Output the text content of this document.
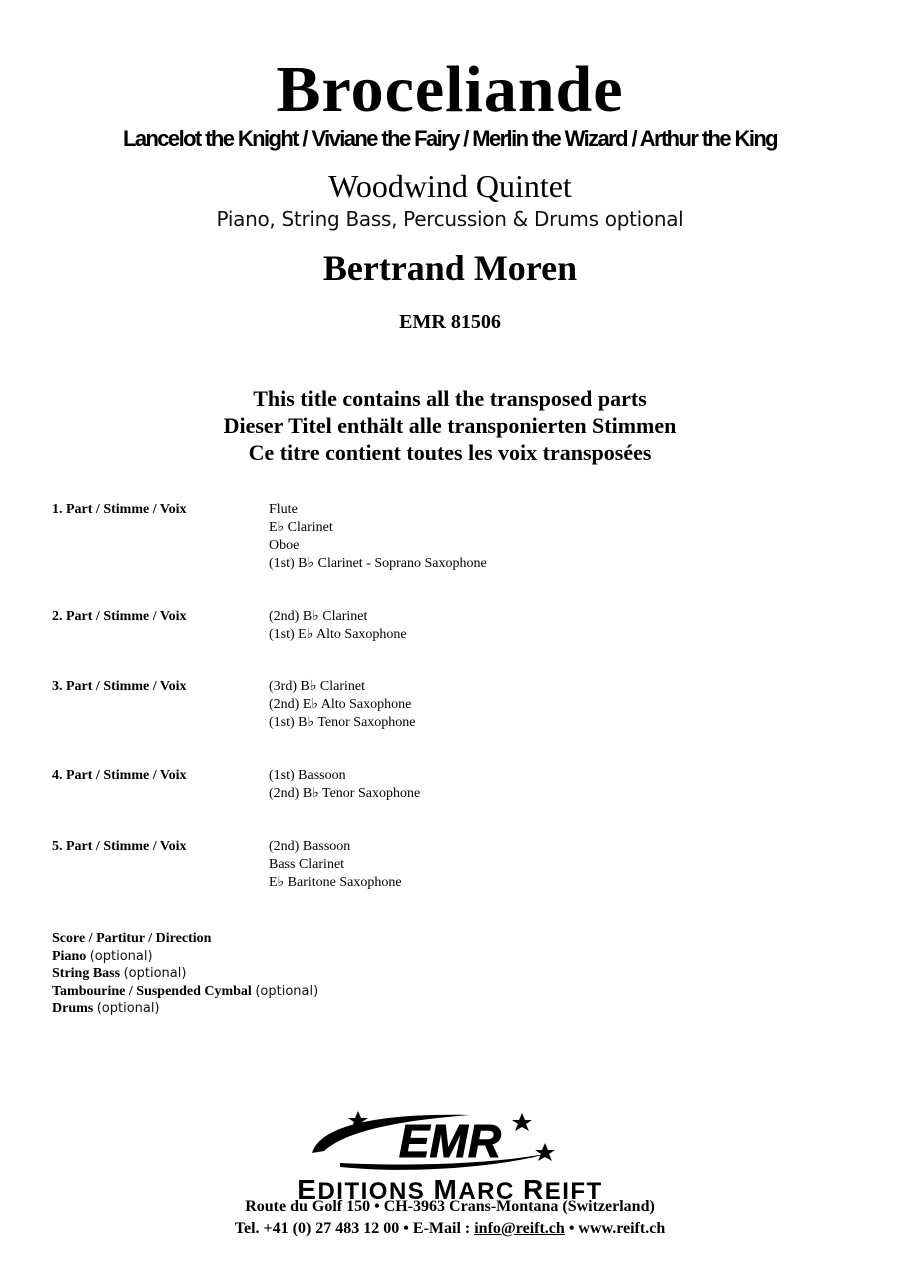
Broceliande
Lancelot the Knight / Viviane the Fairy / Merlin the Wizard / Arthur the King
Woodwind Quintet
Piano, String Bass, Percussion & Drums optional
Bertrand Moren
EMR 81506
This title contains all the transposed parts
Dieser Titel enthält alle transponierten Stimmen
Ce titre contient toutes les voix transposées
1. Part / Stimme / Voix	Flute
E♭ Clarinet
Oboe
(1st) B♭ Clarinet - Soprano Saxophone
2. Part / Stimme / Voix	(2nd) B♭ Clarinet
(1st) E♭ Alto Saxophone
3. Part / Stimme / Voix	(3rd) B♭ Clarinet
(2nd) E♭ Alto Saxophone
(1st) B♭ Tenor Saxophone
4. Part / Stimme / Voix	(1st) Bassoon
(2nd) B♭ Tenor Saxophone
5. Part / Stimme / Voix	(2nd) Bassoon
Bass Clarinet
E♭ Baritone Saxophone
Score / Partitur / Direction
Piano (optional)
String Bass (optional)
Tambourine / Suspended Cymbal (optional)
Drums (optional)
EMR
EDITIONS MARC REIFT
Route du Golf 150 • CH-3963 Crans-Montana (Switzerland)
Tel. +41 (0) 27 483 12 00 • E-Mail : info@reift.ch • www.reift.ch
